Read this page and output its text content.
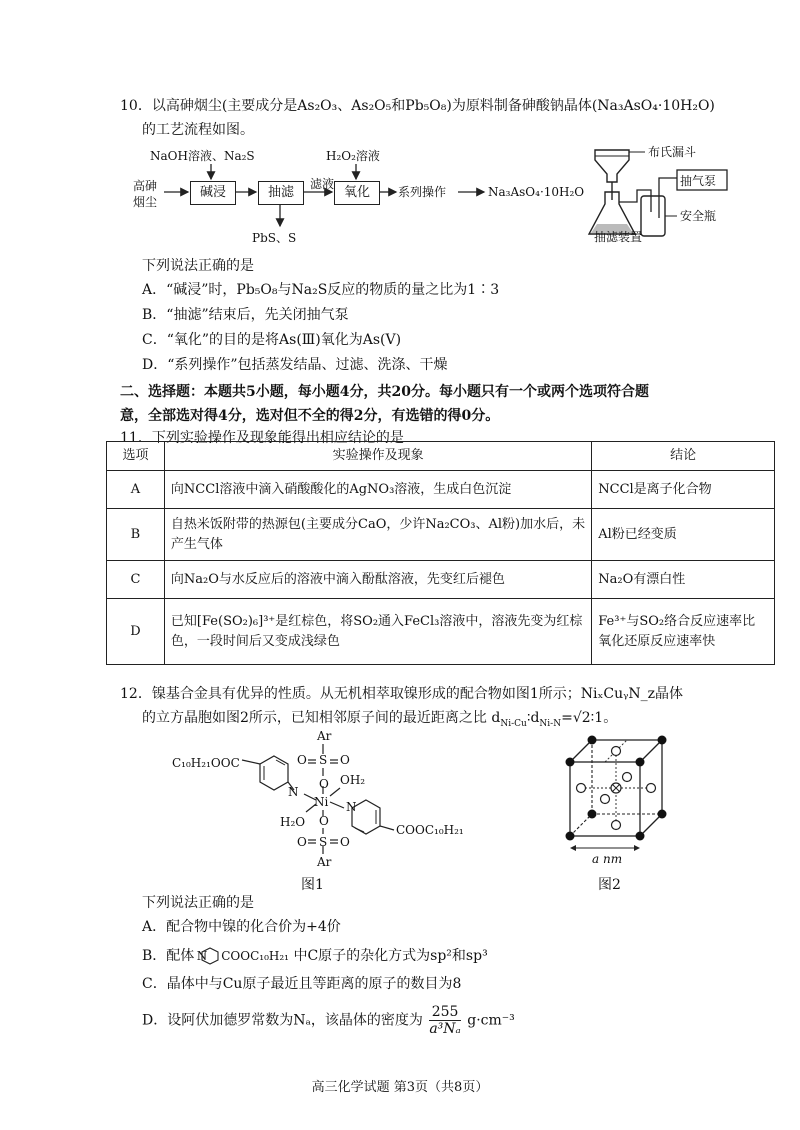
10．以高砷烟尘(主要成分是As₂O₃、As₂O₅和Pb₅O₈)为原料制备砷酸钠晶体(Na₃AsO₄·10H₂O)
的工艺流程如图。
NaOH溶液、Na₂S	H₂O₂溶液
高砷烟尘
碱浸	抽滤
滤液
氧化	系列操作	Na₃AsO₄·10H₂O
PbS、S
布氏漏斗
抽气泵
安全瓶
抽滤装置
下列说法正确的是
A．“碱浸”时，Pb₅O₈与Na₂S反应的物质的量之比为1∶3
B．“抽滤”结束后，先关闭抽气泵
C．“氧化”的目的是将As(Ⅲ)氧化为As(Ⅴ)
D．“系列操作”包括蒸发结晶、过滤、洗涤、干燥
二、选择题：本题共5小题，每小题4分，共20分。每小题只有一个或两个选项符合题
意，全部选对得4分，选对但不全的得2分，有选错的得0分。
11．下列实验操作及现象能得出相应结论的是
选项	实验操作及现象	结论
A	向NCCl溶液中滴入硝酸酸化的AgNO₃溶液，生成白色沉淀	NCCl是离子化合物
B	自热米饭附带的热源包(主要成分CaO，少许Na₂CO₃、Al粉)加水后，未产生气体	Al粉已经变质
C	向Na₂O与水反应后的溶液中滴入酚酞溶液，先变红后褪色	Na₂O有漂白性
D	已知[Fe(SO₂)₆]³⁺是红棕色，将SO₂通入FeCl₃溶液中，溶液先变为红棕色，一段时间后又变成浅绿色	Fe³⁺与SO₂络合反应速率比氧化还原反应速率快
12．镍基合金具有优异的性质。从无机相萃取镍形成的配合物如图1所示；NiₓCuᵧN_z晶体
的立方晶胞如图2所示，已知相邻原子间的最近距离之比 $d_{Ni-Cu}∶d_{Ni-N}=√2∶1$。
Ar
O S O
O OH₂
N
Ni N
H₂O O
O S O
Ar
C₁₀H₂₁OOC
COOC₁₀H₂₁
图1
a nm
图2
下列说法正确的是
A．配合物中镍的化合价为+4价
B．配体 N COOC₁₀H₂₁ 中C原子的杂化方式为sp²和sp³
C．晶体中与Cu原子最近且等距离的原子的数目为8
D．设阿伏加德罗常数为Nₐ，该晶体的密度为 $\frac{255}{\text{a³Nₐ}} g\cdot cm^{-3}$
高三化学试题 第3页（共8页）
